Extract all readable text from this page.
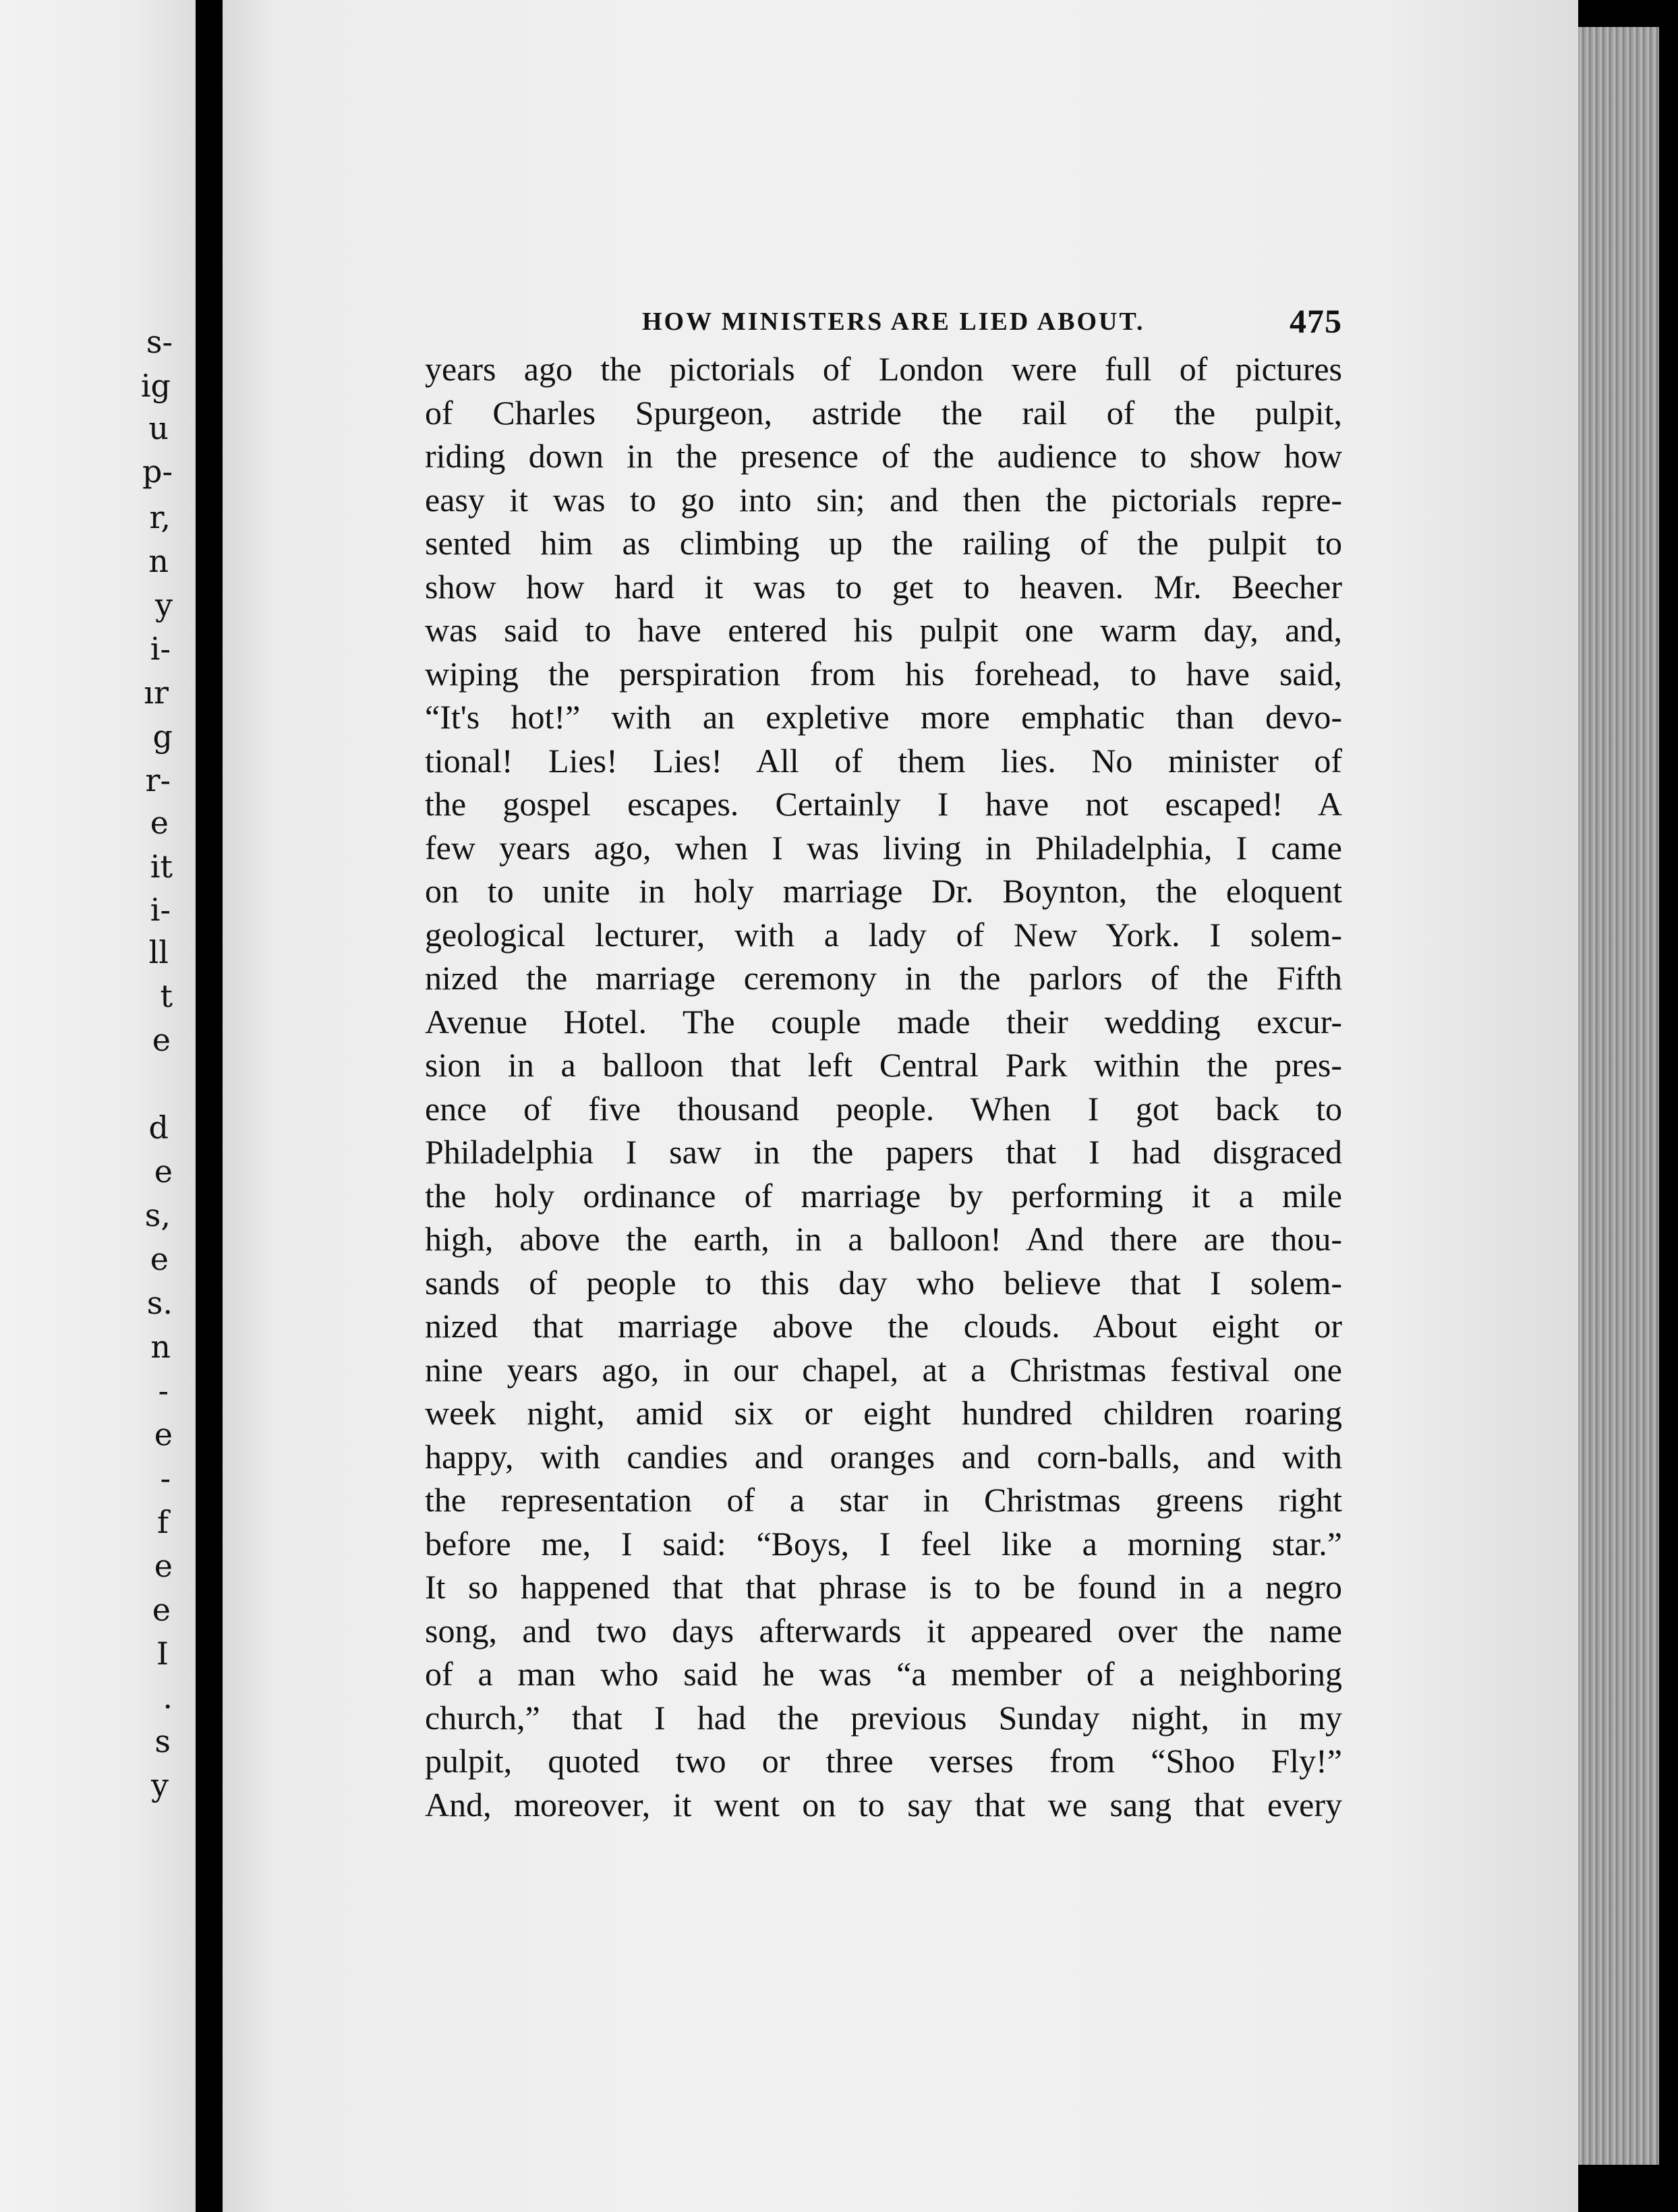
s-
ig
u
p-
r,
n
y
i-
ır
g
r-
e
it
i-
ll
t
e
d
e
s,
e
s.
n
-
e
-
f
e
e
I
.
s
y
HOW MINISTERS ARE LIED ABOUT.	475
years ago the pictorials of London were full of pictures
of Charles Spurgeon, astride the rail of the pulpit,
riding down in the presence of the audience to show how
easy it was to go into sin; and then the pictorials repre-
sented him as climbing up the railing of the pulpit to
show how hard it was to get to heaven. Mr. Beecher
was said to have entered his pulpit one warm day, and,
wiping the perspiration from his forehead, to have said,
“It's hot!” with an expletive more emphatic than devo-
tional! Lies! Lies! All of them lies. No minister of
the gospel escapes. Certainly I have not escaped! A
few years ago, when I was living in Philadelphia, I came
on to unite in holy marriage Dr. Boynton, the eloquent
geological lecturer, with a lady of New York. I solem-
nized the marriage ceremony in the parlors of the Fifth
Avenue Hotel. The couple made their wedding excur-
sion in a balloon that left Central Park within the pres-
ence of five thousand people. When I got back to
Philadelphia I saw in the papers that I had disgraced
the holy ordinance of marriage by performing it a mile
high, above the earth, in a balloon! And there are thou-
sands of people to this day who believe that I solem-
nized that marriage above the clouds. About eight or
nine years ago, in our chapel, at a Christmas festival one
week night, amid six or eight hundred children roaring
happy, with candies and oranges and corn-balls, and with
the representation of a star in Christmas greens right
before me, I said: “Boys, I feel like a morning star.”
It so happened that that phrase is to be found in a negro
song, and two days afterwards it appeared over the name
of a man who said he was “a member of a neighboring
church,” that I had the previous Sunday night, in my
pulpit, quoted two or three verses from “Shoo Fly!”
And, moreover, it went on to say that we sang that every
